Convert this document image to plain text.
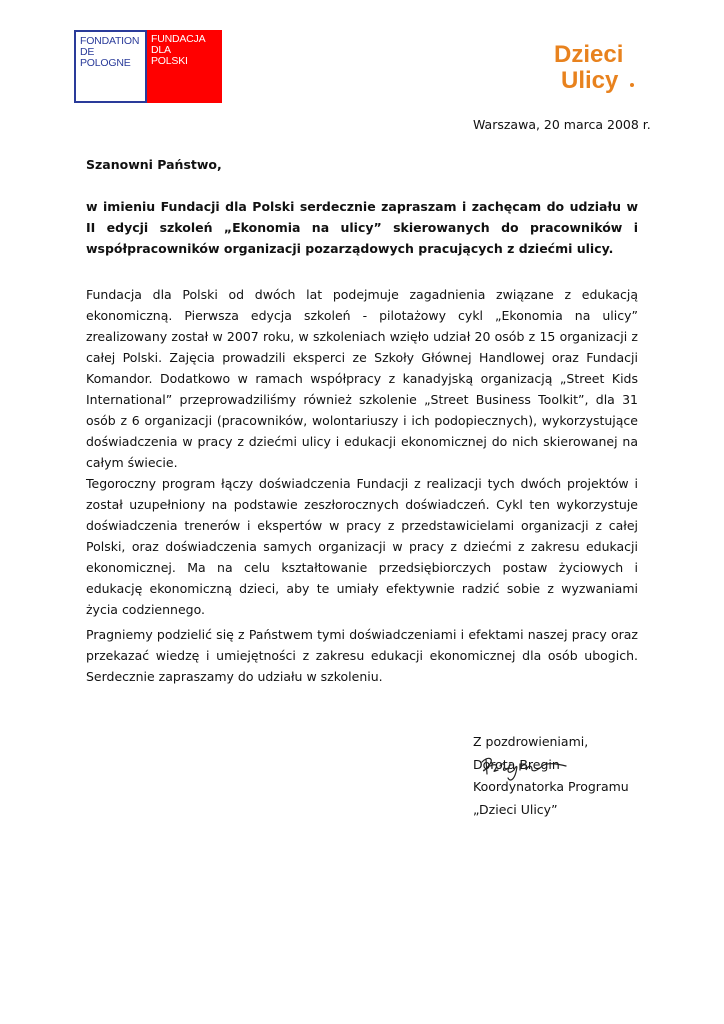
FONDATION
DE
POLOGNE
FUNDACJA
DLA
POLSKI	Dzieci
Ulicy
Warszawa, 20 marca 2008 r.
Szanowni Państwo,
w imieniu Fundacji dla Polski serdecznie zapraszam i zachęcam do udziału w II edycji szkoleń „Ekonomia na ulicy” skierowanych do pracowników i współpracowników organizacji pozarządowych pracujących z dziećmi ulicy.
Fundacja dla Polski od dwóch lat podejmuje zagadnienia związane z edukacją ekonomiczną. Pierwsza edycja szkoleń - pilotażowy cykl „Ekonomia na ulicy” zrealizowany został w 2007 roku, w szkoleniach wzięło udział 20 osób z 15 organizacji z całej Polski. Zajęcia prowadzili eksperci ze Szkoły Głównej Handlowej oraz Fundacji Komandor. Dodatkowo w ramach współpracy z kanadyjską organizacją „Street Kids International” przeprowadziliśmy również szkolenie „Street Business Toolkit”, dla 31 osób z 6 organizacji (pracowników, wolontariuszy i ich podopiecznych), wykorzystujące doświadczenia w pracy z dziećmi ulicy i edukacji ekonomicznej do nich skierowanej na całym świecie.
Tegoroczny program łączy doświadczenia Fundacji z realizacji tych dwóch projektów i został uzupełniony na podstawie zeszłorocznych doświadczeń. Cykl ten wykorzystuje doświadczenia trenerów i ekspertów w pracy z przedstawicielami organizacji z całej Polski, oraz doświadczenia samych organizacji w pracy z dziećmi z zakresu edukacji ekonomicznej. Ma na celu kształtowanie przedsiębiorczych postaw życiowych i edukację ekonomiczną dzieci, aby te umiały efektywnie radzić sobie z wyzwaniami życia codziennego.
Pragniemy podzielić się z Państwem tymi doświadczeniami i efektami naszej pracy oraz przekazać wiedzę i umiejętności z zakresu edukacji ekonomicznej dla osób ubogich. Serdecznie zapraszamy do udziału w szkoleniu.
Z pozdrowieniami,
Dorota Bregin
Koordynatorka Programu
„Dzieci Ulicy”
